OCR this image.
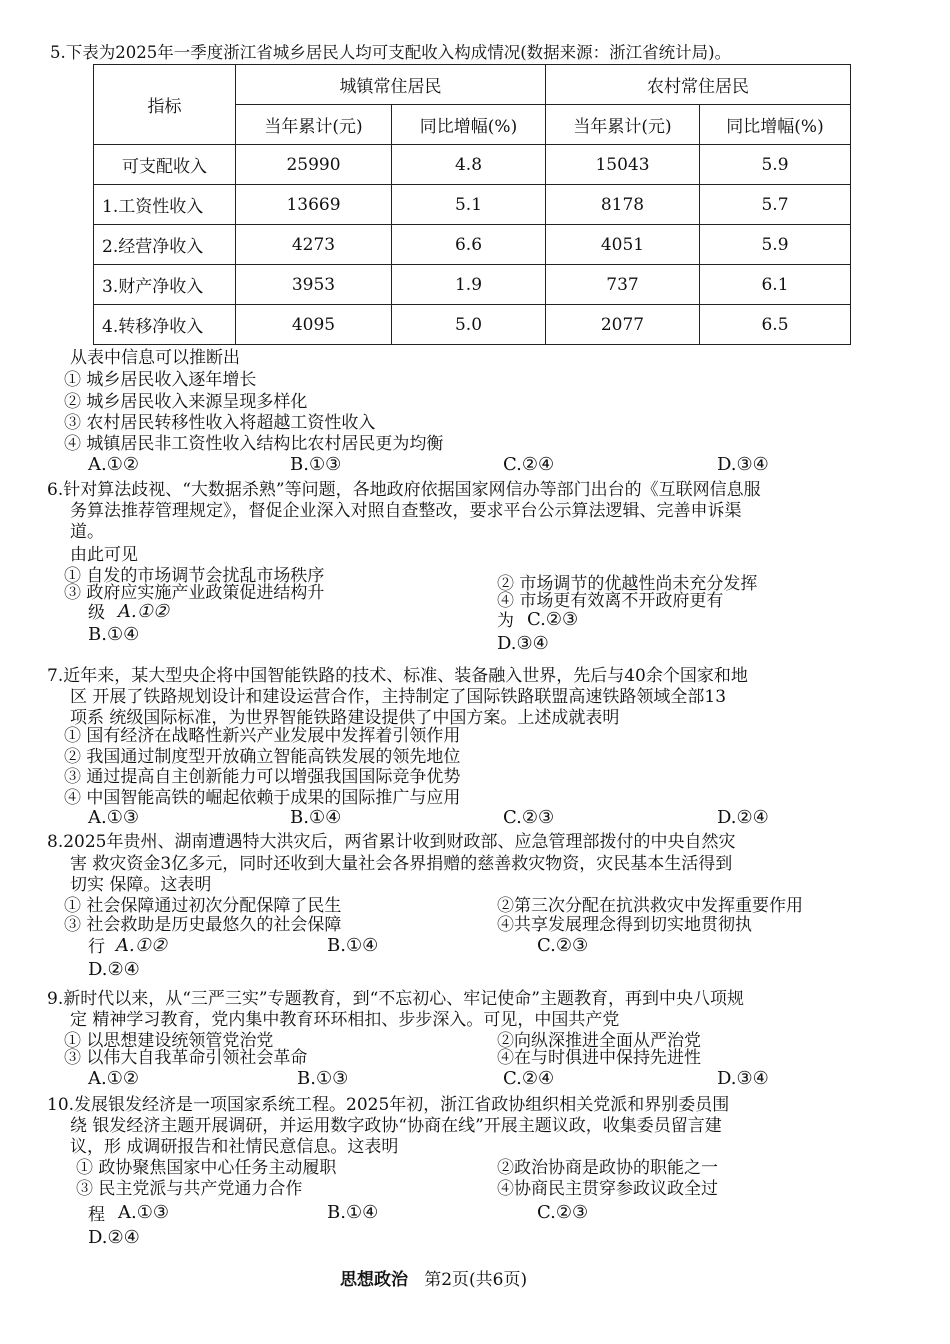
5.下表为2025年一季度浙江省城乡居民人均可支配收入构成情况(数据来源：浙江省统计局)。
指标	城镇常住居民		农村常住居民	
	当年累计(元)	同比增幅(%)	当年累计(元)	同比增幅(%)
可支配收入	25990	4.8	15043	5.9
1.工资性收入	13669	5.1	8178	5.7
2.经营净收入	4273	6.6	4051	5.9
3.财产净收入	3953	1.9	737	6.1
4.转移净收入	4095	5.0	2077	6.5
从表中信息可以推断出
① 城乡居民收入逐年增长
② 城乡居民收入来源呈现多样化
③ 农村居民转移性收入将超越工资性收入
④ 城镇居民非工资性收入结构比农村居民更为均衡
A.①②	B.①③	C.②④	D.③④
6.针对算法歧视、“大数据杀熟”等问题，各地政府依据国家网信办等部门出台的《互联网信息服
务算法推荐管理规定》，督促企业深入对照自查整改，要求平台公示算法逻辑、完善申诉渠
道。
由此可见
① 自发的市场调节会扰乱市场秩序	② 市场调节的优越性尚未充分发挥
③ 政府应实施产业政策促进结构升	④ 市场更有效离不开政府更有
级 A.①②	为 C.②③
B.①④	D.③④
7.近年来，某大型央企将中国智能铁路的技术、标准、装备融入世界，先后与40余个国家和地
区 开展了铁路规划设计和建设运营合作，主持制定了国际铁路联盟高速铁路领域全部13
项系 统级国际标准，为世界智能铁路建设提供了中国方案。上述成就表明
① 国有经济在战略性新兴产业发展中发挥着引领作用
② 我国通过制度型开放确立智能高铁发展的领先地位
③ 通过提高自主创新能力可以增强我国国际竞争优势
④ 中国智能高铁的崛起依赖于成果的国际推广与应用
A.①③	B.①④	C.②③	D.②④
8.2025年贵州、湖南遭遇特大洪灾后，两省累计收到财政部、应急管理部拨付的中央自然灾
害 救灾资金3亿多元，同时还收到大量社会各界捐赠的慈善救灾物资，灾民基本生活得到
切实 保障。这表明
① 社会保障通过初次分配保障了民生	②第三次分配在抗洪救灾中发挥重要作用
③ 社会救助是历史最悠久的社会保障	④共享发展理念得到切实地贯彻执
行 A.①②	B.①④	C.②③
D.②④
9.新时代以来，从“三严三实”专题教育，到“不忘初心、牢记使命”主题教育，再到中央八项规
定 精神学习教育，党内集中教育环环相扣、步步深入。可见，中国共产党
① 以思想建设统领管党治党	②向纵深推进全面从严治党
③ 以伟大自我革命引领社会革命	④在与时俱进中保持先进性
A.①②	B.①③	C.②④	D.③④
10.发展银发经济是一项国家系统工程。2025年初，浙江省政协组织相关党派和界别委员围
绕 银发经济主题开展调研，并运用数字政协“协商在线”开展主题议政，收集委员留言建
议，形 成调研报告和社情民意信息。这表明
① 政协聚焦国家中心任务主动履职	②政治协商是政协的职能之一
③ 民主党派与共产党通力合作	④协商民主贯穿参政议政全过
程 A.①③	B.①④	C.②③
D.②④
思想政治 第2页(共6页)
